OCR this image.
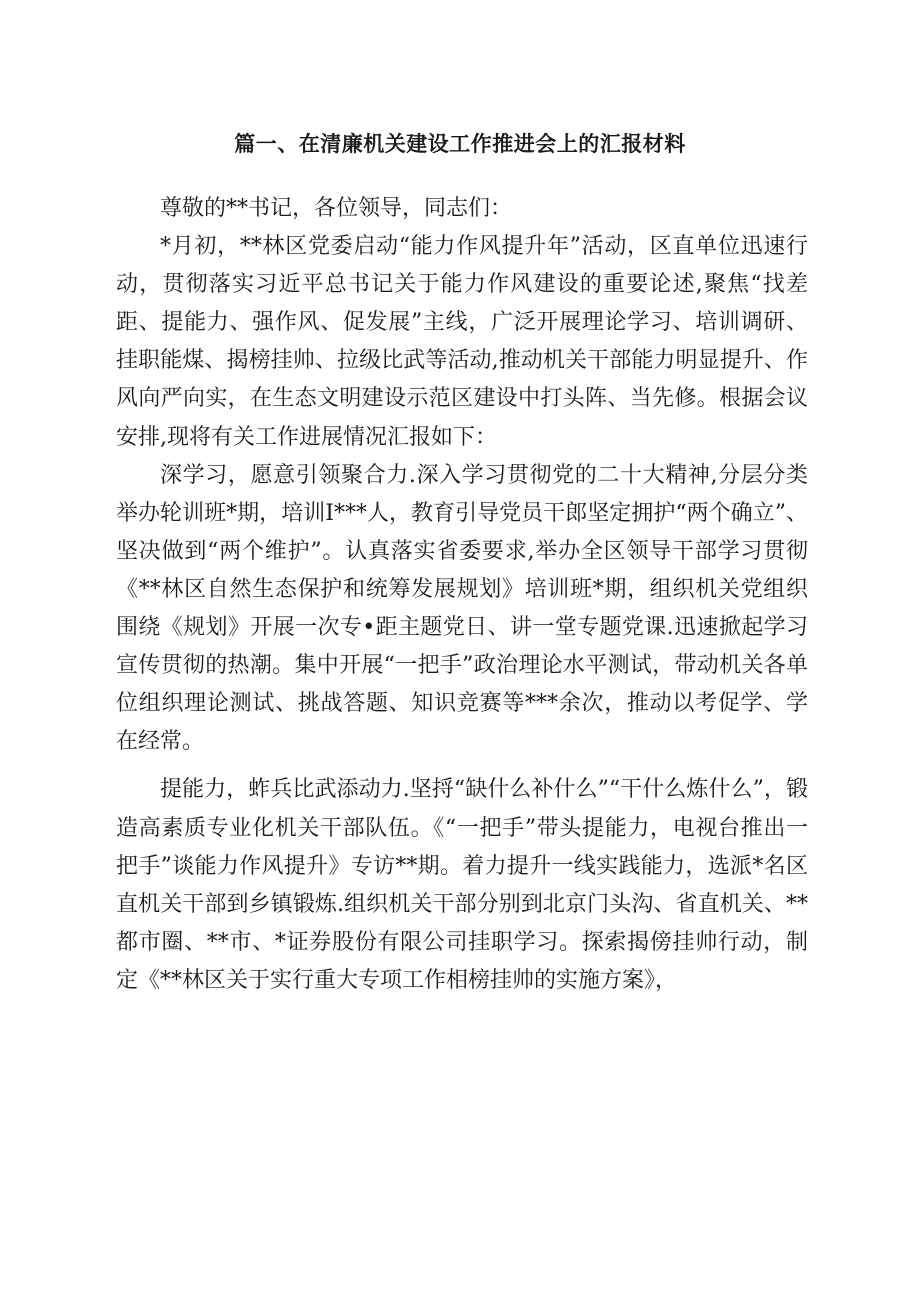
篇一、在清廉机关建设工作推进会上的汇报材料

尊敬的**书记，各位领导，同志们：

*月初，**林区党委启动“能力作风提升年”活动，区直单位迅速行动，贯彻落实习近平总书记关于能力作风建设的重要论述,聚焦“找差距、提能力、强作风、促发展”主线，广泛开展理论学习、培训调研、挂职能煤、揭榜挂帅、拉级比武等活动,推动机关干部能力明显提升、作风向严向实，在生态文明建设示范区建设中打头阵、当先修。根据会议安排,现将有关工作进展情况汇报如下：

深学习，愿意引领聚合力.深入学习贯彻党的二十大精神,分层分类举办轮训班*期，培训I***人，教育引导党员干郎坚定拥护“两个确立”、坚决做到“两个维护”。认真落实省委要求,举办全区领导干部学习贯彻《**林区自然生态保护和统筹发展规划》培训班*期，组织机关党组织围绕《规划》开展一次专•距主题党日、讲一堂专题党课.迅速掀起学习宣传贯彻的热潮。集中开展“一把手”政治理论水平测试，带动机关各单位组织理论测试、挑战答题、知识竞赛等***余次，推动以考促学、学在经常。

提能力，蚱兵比武添动力.坚捋“缺什么补什么”“干什么炼什么”，锻造高素质专业化机关干部队伍。《“一把手”带头提能力，电视台推出一把手”谈能力作风提升》专访**期。着力提升一线实践能力，选派*名区直机关干部到乡镇锻炼.组织机关干部分别到北京门头沟、省直机关、**都市圈、**市、*证券股份有限公司挂职学习。探索揭傍挂帅行动，制定《**林区关于实行重大专项工作相榜挂帅的实施方案》，
